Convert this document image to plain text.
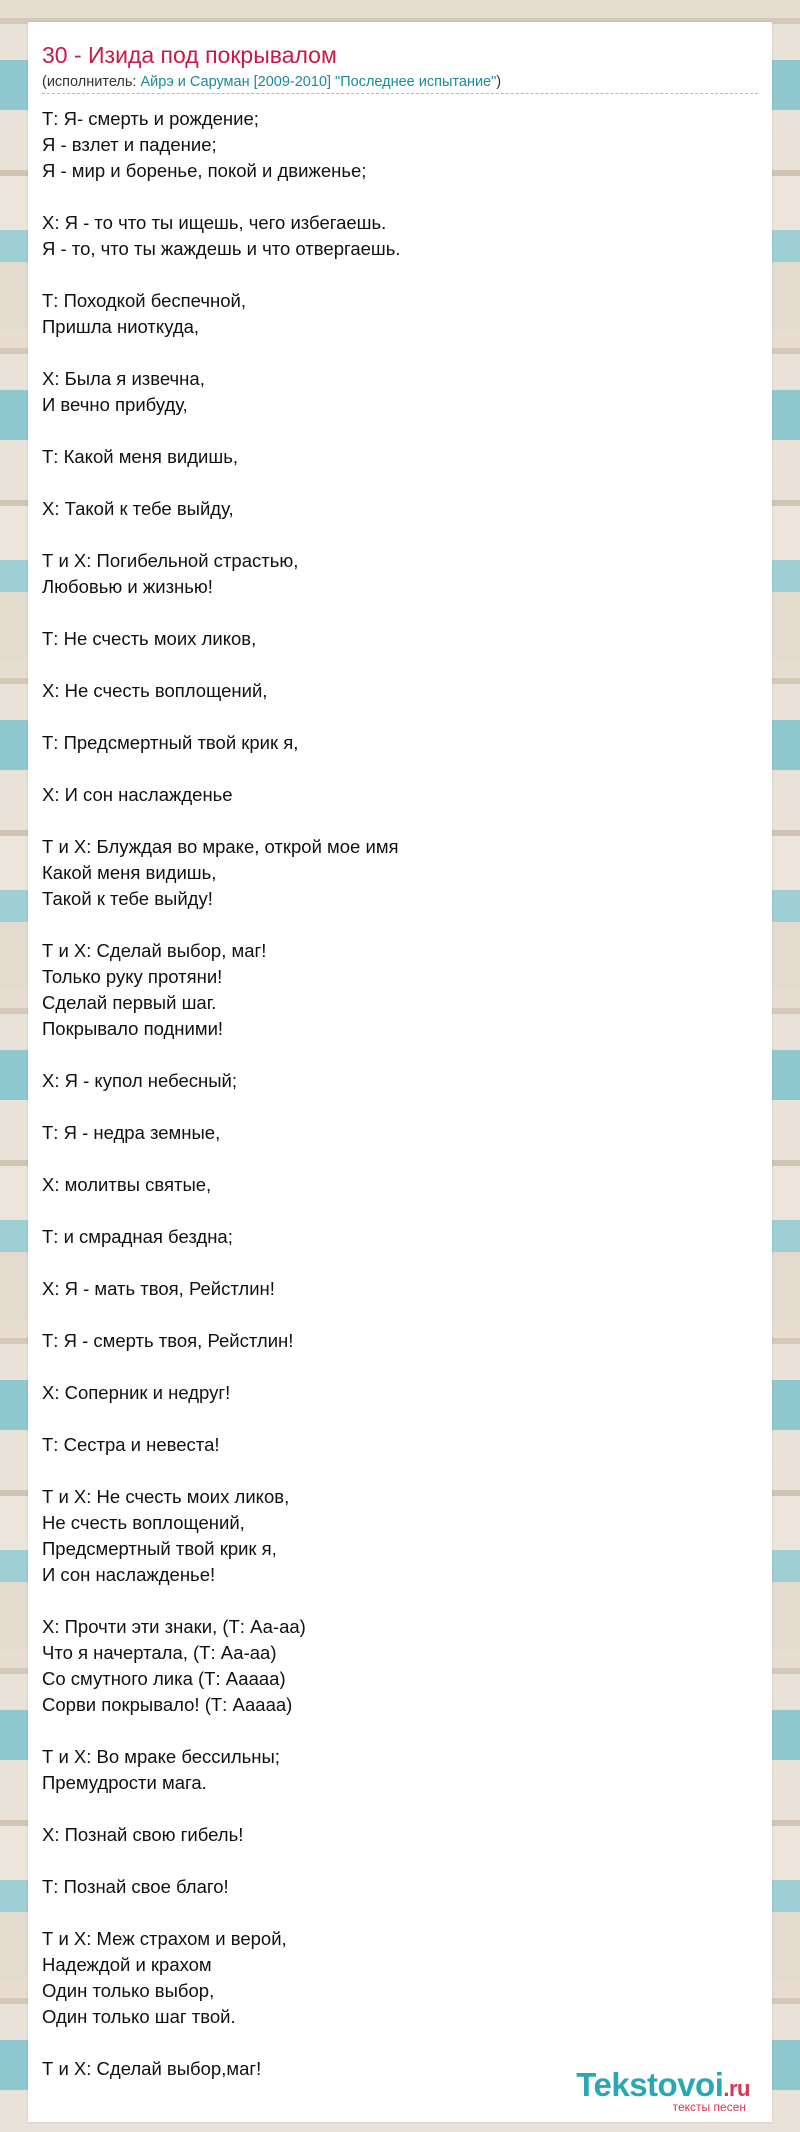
30 - Изида под покрывалом
(исполнитель: Айрэ и Саруман [2009-2010] "Последнее испытание")
Т: Я- смерть и рождение;
Я - взлет и падение;
Я - мир и боренье, покой и движенье;
Х: Я - то что ты ищешь, чего избегаешь.
Я - то, что ты жаждешь и что отвергаешь.
Т: Походкой беспечной,
Пришла ниоткуда,
Х: Была я извечна,
И вечно прибуду,
Т: Какой меня видишь,
Х: Такой к тебе выйду,
Т и Х: Погибельной страстью,
Любовью и жизнью!
Т: Не счесть моих ликов,
Х: Не счесть воплощений,
Т: Предсмертный твой крик я,
Х: И сон наслажденье
Т и Х: Блуждая во мраке, открой мое имя
Какой меня видишь,
Такой к тебе выйду!
Т и Х: Сделай выбор, маг!
Только руку протяни!
Сделай первый шаг.
Покрывало подними!
Х: Я - купол небесный;
Т: Я - недра земные,
Х: молитвы святые,
Т: и смрадная бездна;
Х: Я - мать твоя, Рейстлин!
Т: Я - смерть твоя, Рейстлин!
Х: Соперник и недруг!
Т: Сестра и невеста!
Т и Х: Не счесть моих ликов,
Не счесть воплощений,
Предсмертный твой крик я,
И сон наслажденье!
Х: Прочти эти знаки, (Т: Аа-аа)
Что я начертала, (Т: Аа-аа)
Со смутного лика (Т: Ааааа)
Сорви покрывало! (Т: Ааааа)
Т и Х: Во мраке бессильны;
Премудрости мага.
Х: Познай свою гибель!
Т: Познай свое благо!
Т и Х: Меж страхом и верой,
Надеждой и крахом
Один только выбор,
Один только шаг твой.
Т и Х: Сделай выбор,маг!	Tekstovoi.ru
тексты песен
